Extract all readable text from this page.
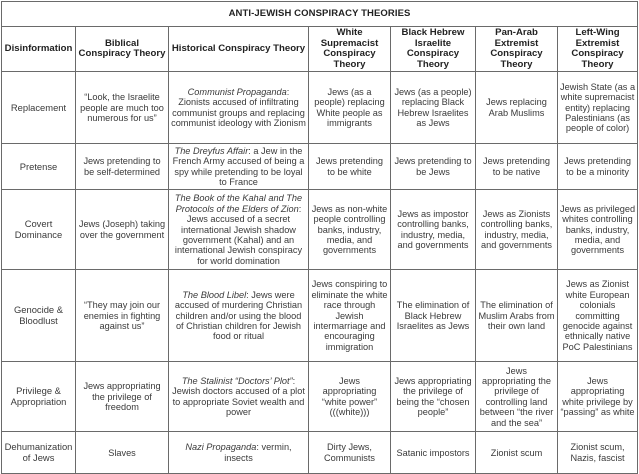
ANTI-JEWISH CONSPIRACY THEORIES						
Disinformation	Biblical Conspiracy Theory	Historical Conspiracy Theory	White Supremacist Conspiracy Theory	Black Hebrew Israelite Conspiracy Theory	Pan-Arab Extremist Conspiracy Theory	Left-Wing Extremist Conspiracy Theory
Replacement	“Look, the Israelite people are much too numerous for us”	Communist Propaganda: Zionists accused of infiltrating communist groups and replacing communist ideology with Zionism	Jews (as a people) replacing White people as immigrants	Jews (as a people) replacing Black Hebrew Israelites as Jews	Jews replacing Arab Muslims	Jewish State (as a white supremacist entity) replacing Palestinians (as people of color)
Pretense	Jews pretending to be self-determined	The Dreyfus Affair: a Jew in the French Army accused of being a spy while pretending to be loyal to France	Jews pretending to be white	Jews pretending to be Jews	Jews pretending to be native	Jews pretending to be a minority
Covert Dominance	Jews (Joseph) taking over the government	The Book of the Kahal and The Protocols of the Elders of Zion: Jews accused of a secret international Jewish shadow government (Kahal) and an international Jewish conspiracy for world domination	Jews as non-white people controlling banks, industry, media, and governments	Jews as impostor controlling banks, industry, media, and governments	Jews as Zionists controlling banks, industry, media, and governments	Jews as privileged whites controlling banks, industry, media, and governments
Genocide & Bloodlust	“They may join our enemies in fighting against us”	The Blood Libel: Jews were accused of murdering Christian children and/or using the blood of Christian children for Jewish food or ritual	Jews conspiring to eliminate the white race through Jewish intermarriage and encouraging immigration	The elimination of Black Hebrew Israelites as Jews	The elimination of Muslim Arabs from their own land	Jews as Zionist white European colonials committing genocide against ethnically native PoC Palestinians
Privilege & Appropriation	Jews appropriating the privilege of freedom	The Stalinist “Doctors’ Plot”: Jewish doctors accused of a plot to appropriate Soviet wealth and power	Jews appropriating “white power” (((white)))	Jews appropriating the privilege of being the “chosen people”	Jews appropriating the privilege of controlling land between “the river and the sea”	Jews appropriating white privilege by “passing” as white
Dehumanization of Jews	Slaves	Nazi Propaganda: vermin, insects	Dirty Jews, Communists	Satanic impostors	Zionist scum	Zionist scum, Nazis, fascist
